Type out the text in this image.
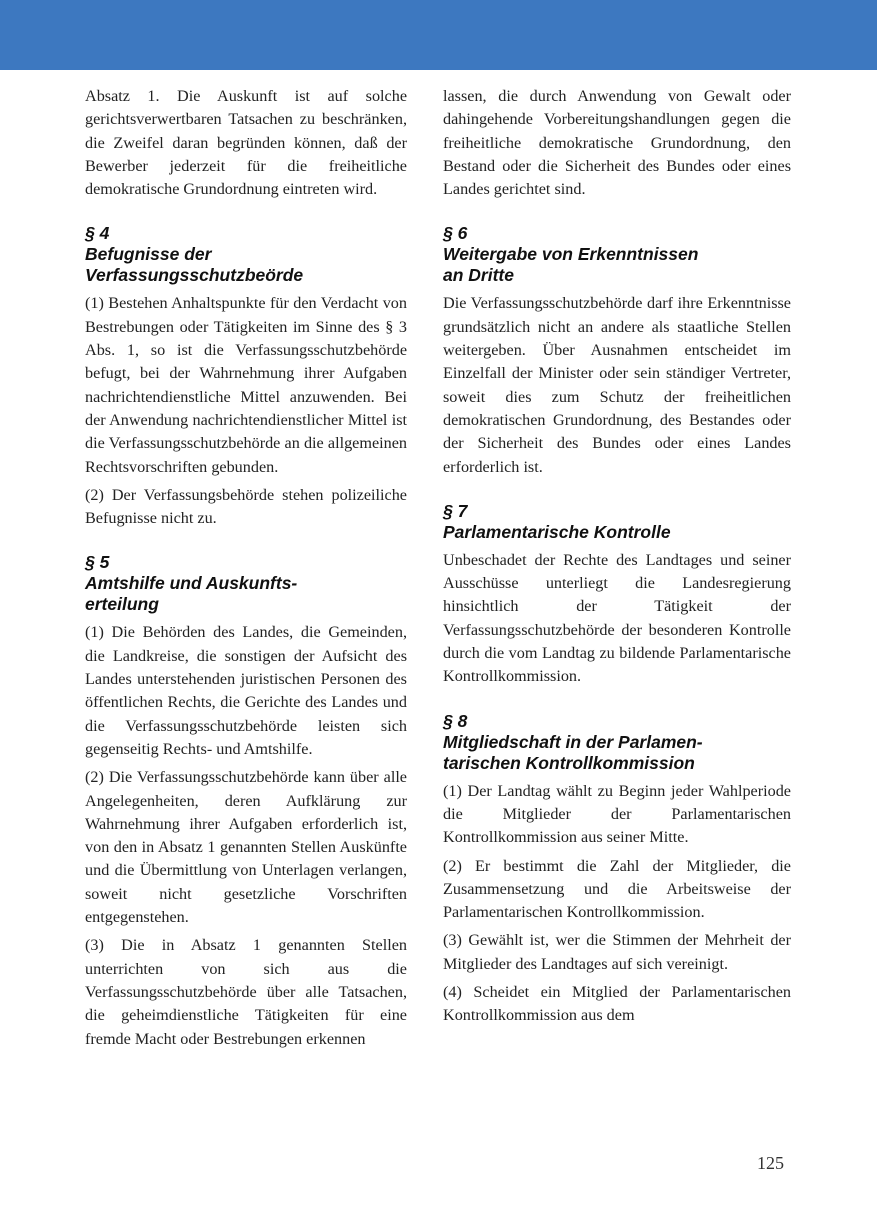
Absatz 1. Die Auskunft ist auf solche gerichtsverwertbaren Tatsachen zu beschränken, die Zweifel daran begründen können, daß der Bewerber jederzeit für die freiheitliche demokratische Grundordnung eintreten wird.

§ 4
Befugnisse der
Verfassungsschutzbeörde

(1) Bestehen Anhaltspunkte für den Verdacht von Bestrebungen oder Tätigkeiten im Sinne des § 3 Abs. 1, so ist die Verfassungsschutzbehörde befugt, bei der Wahrnehmung ihrer Aufgaben nachrichtendienstliche Mittel anzuwenden. Bei der Anwendung nachrichtendienstlicher Mittel ist die Verfassungsschutzbehörde an die allgemeinen Rechtsvorschriften gebunden.

(2) Der Verfassungsbehörde stehen polizeiliche Befugnisse nicht zu.

§ 5
Amtshilfe und Auskunfts-
erteilung

(1) Die Behörden des Landes, die Gemeinden, die Landkreise, die sonstigen der Aufsicht des Landes unterstehenden juristischen Personen des öffentlichen Rechts, die Gerichte des Landes und die Verfassungsschutzbehörde leisten sich gegenseitig Rechts- und Amtshilfe.

(2) Die Verfassungsschutzbehörde kann über alle Angelegenheiten, deren Aufklärung zur Wahrnehmung ihrer Aufgaben erforderlich ist, von den in Absatz 1 genannten Stellen Auskünfte und die Übermittlung von Unterlagen verlangen, soweit nicht gesetzliche Vorschriften entgegenstehen.

(3) Die in Absatz 1 genannten Stellen unterrichten von sich aus die Verfassungsschutzbehörde über alle Tatsachen, die geheimdienstliche Tätigkeiten für eine fremde Macht oder Bestrebungen erkennen

lassen, die durch Anwendung von Gewalt oder dahingehende Vorbereitungshandlungen gegen die freiheitliche demokratische Grundordnung, den Bestand oder die Sicherheit des Bundes oder eines Landes gerichtet sind.

§ 6
Weitergabe von Erkenntnissen
an Dritte

Die Verfassungsschutzbehörde darf ihre Erkenntnisse grundsätzlich nicht an andere als staatliche Stellen weitergeben. Über Ausnahmen entscheidet im Einzelfall der Minister oder sein ständiger Vertreter, soweit dies zum Schutz der freiheitlichen demokratischen Grundordnung, des Bestandes oder der Sicherheit des Bundes oder eines Landes erforderlich ist.

§ 7
Parlamentarische Kontrolle

Unbeschadet der Rechte des Landtages und seiner Ausschüsse unterliegt die Landesregierung hinsichtlich der Tätigkeit der Verfassungsschutzbehörde der besonderen Kontrolle durch die vom Landtag zu bildende Parlamentarische Kontrollkommission.

§ 8
Mitgliedschaft in der Parlamen-
tarischen Kontrollkommission

(1) Der Landtag wählt zu Beginn jeder Wahlperiode die Mitglieder der Parlamentarischen Kontrollkommission aus seiner Mitte.

(2) Er bestimmt die Zahl der Mitglieder, die Zusammensetzung und die Arbeitsweise der Parlamentarischen Kontrollkommission.

(3) Gewählt ist, wer die Stimmen der Mehrheit der Mitglieder des Landtages auf sich vereinigt.

(4) Scheidet ein Mitglied der Parlamentarischen Kontrollkommission aus dem

125
